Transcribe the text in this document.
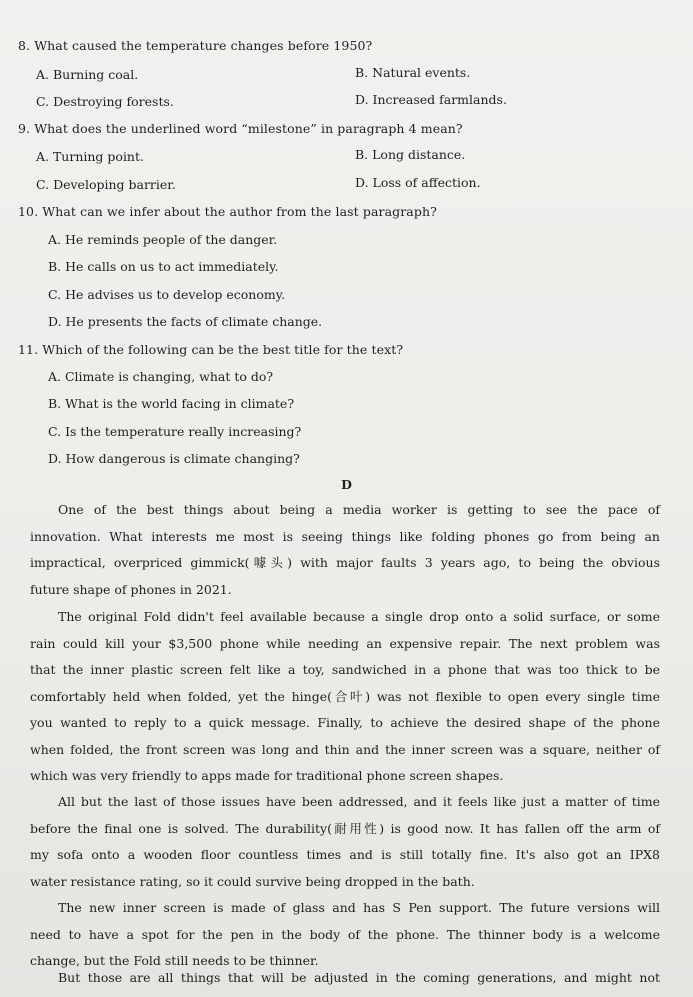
8. What caused the temperature changes before 1950?
A. Burning coal.	B. Natural events.
C. Destroying forests.	D. Increased farmlands.
9. What does the underlined word “milestone” in paragraph 4 mean?
A. Turning point.	B. Long distance.
C. Developing barrier.	D. Loss of affection.
10. What can we infer about the author from the last paragraph?
A. He reminds people of the danger.
B. He calls on us to act immediately.
C. He advises us to develop economy.
D. He presents the facts of climate change.
11. Which of the following can be the best title for the text?
A. Climate is changing, what to do?
B. What is the world facing in climate?
C. Is the temperature really increasing?
D. How dangerous is climate changing?
D
One of the best things about being a media worker is getting to see the pace of
innovation. What interests me most is seeing things like folding phones go from being an
impractical, overpriced gimmick(噱头) with major faults 3 years ago, to being the obvious
future shape of phones in 2021.
The original Fold didn't feel available because a single drop onto a solid surface, or some
rain could kill your $3,500 phone while needing an expensive repair. The next problem was
that the inner plastic screen felt like a toy, sandwiched in a phone that was too thick to be
comfortably held when folded, yet the hinge(合叶) was not flexible to open every single time
you wanted to reply to a quick message. Finally, to achieve the desired shape of the phone
when folded, the front screen was long and thin and the inner screen was a square, neither of
which was very friendly to apps made for traditional phone screen shapes.
All but the last of those issues have been addressed, and it feels like just a matter of time
before the final one is solved. The durability(耐用性) is good now. It has fallen off the arm of
my sofa onto a wooden floor countless times and is still totally fine. It's also got an IPX8
water resistance rating, so it could survive being dropped in the bath.
The new inner screen is made of glass and has S Pen support. The future versions will
need to have a spot for the pen in the body of the phone. The thinner body is a welcome
change, but the Fold still needs to be thinner.
But those are all things that will be adjusted in the coming generations, and might not
